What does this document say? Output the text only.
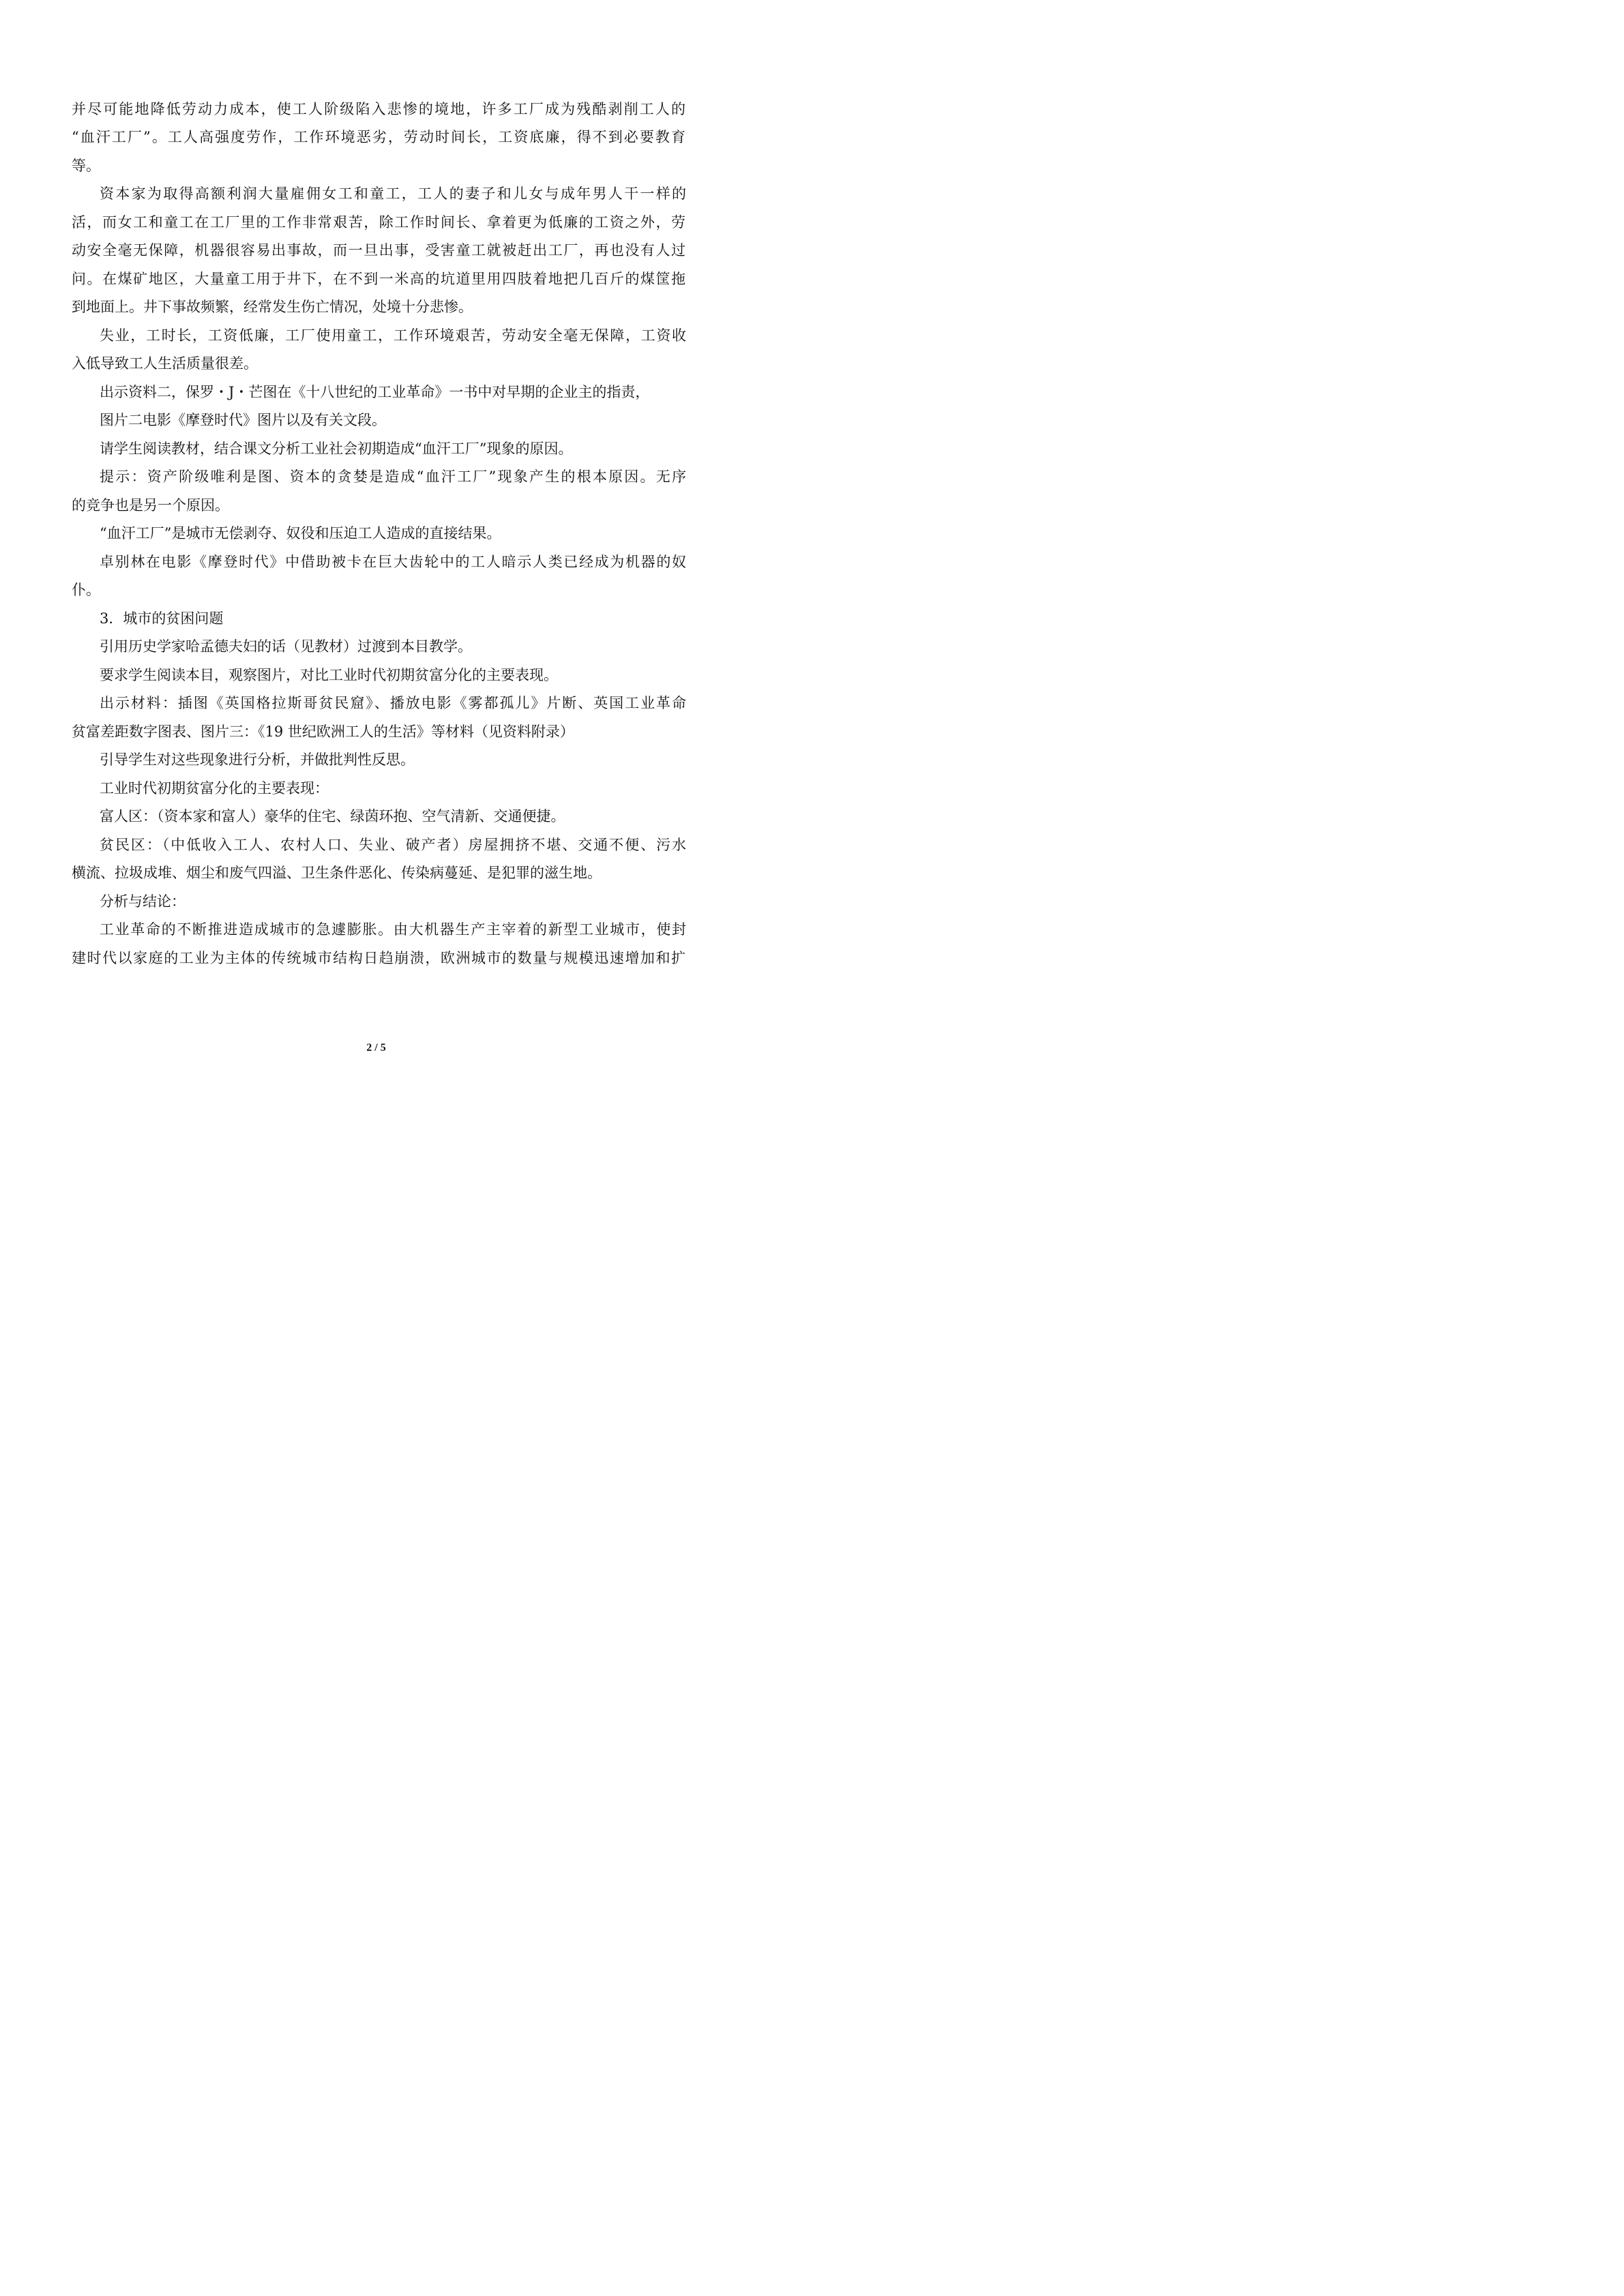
并尽可能地降低劳动力成本，使工人阶级陷入悲惨的境地，许多工厂成为残酷剥削工人的
“血汗工厂”。工人高强度劳作，工作环境恶劣，劳动时间长，工资底廉，得不到必要教育
等。
资本家为取得高额利润大量雇佣女工和童工，工人的妻子和儿女与成年男人干一样的
活，而女工和童工在工厂里的工作非常艰苦，除工作时间长、拿着更为低廉的工资之外，劳
动安全毫无保障，机器很容易出事故，而一旦出事，受害童工就被赶出工厂，再也没有人过
问。在煤矿地区，大量童工用于井下，在不到一米高的坑道里用四肢着地把几百斤的煤筐拖
到地面上。井下事故频繁，经常发生伤亡情况，处境十分悲惨。
失业，工时长，工资低廉，工厂使用童工，工作环境艰苦，劳动安全毫无保障，工资收
入低导致工人生活质量很差。
出示资料二，保罗・J・芒图在《十八世纪的工业革命》一书中对早期的企业主的指责，
图片二电影《摩登时代》图片以及有关文段。
请学生阅读教材，结合课文分析工业社会初期造成“血汗工厂”现象的原因。
提示：资产阶级唯利是图、资本的贪婪是造成“血汗工厂”现象产生的根本原因。无序
的竞争也是另一个原因。
“血汗工厂”是城市无偿剥夺、奴役和压迫工人造成的直接结果。
卓别林在电影《摩登时代》中借助被卡在巨大齿轮中的工人暗示人类已经成为机器的奴
仆。
3．城市的贫困问题
引用历史学家哈孟德夫妇的话（见教材）过渡到本目教学。
要求学生阅读本目，观察图片，对比工业时代初期贫富分化的主要表现。
出示材料：插图《英国格拉斯哥贫民窟》、播放电影《雾都孤儿》片断、英国工业革命
贫富差距数字图表、图片三：《19 世纪欧洲工人的生活》等材料（见资料附录）
引导学生对这些现象进行分析，并做批判性反思。
工业时代初期贫富分化的主要表现：
富人区：（资本家和富人）豪华的住宅、绿茵环抱、空气清新、交通便捷。
贫民区：（中低收入工人、农村人口、失业、破产者）房屋拥挤不堪、交通不便、污水
横流、拉圾成堆、烟尘和废气四溢、卫生条件恶化、传染病蔓延、是犯罪的滋生地。
分析与结论：
工业革命的不断推进造成城市的急遽膨胀。由大机器生产主宰着的新型工业城市，使封
建时代以家庭的工业为主体的传统城市结构日趋崩溃，欧洲城市的数量与规模迅速增加和扩
2 / 5
